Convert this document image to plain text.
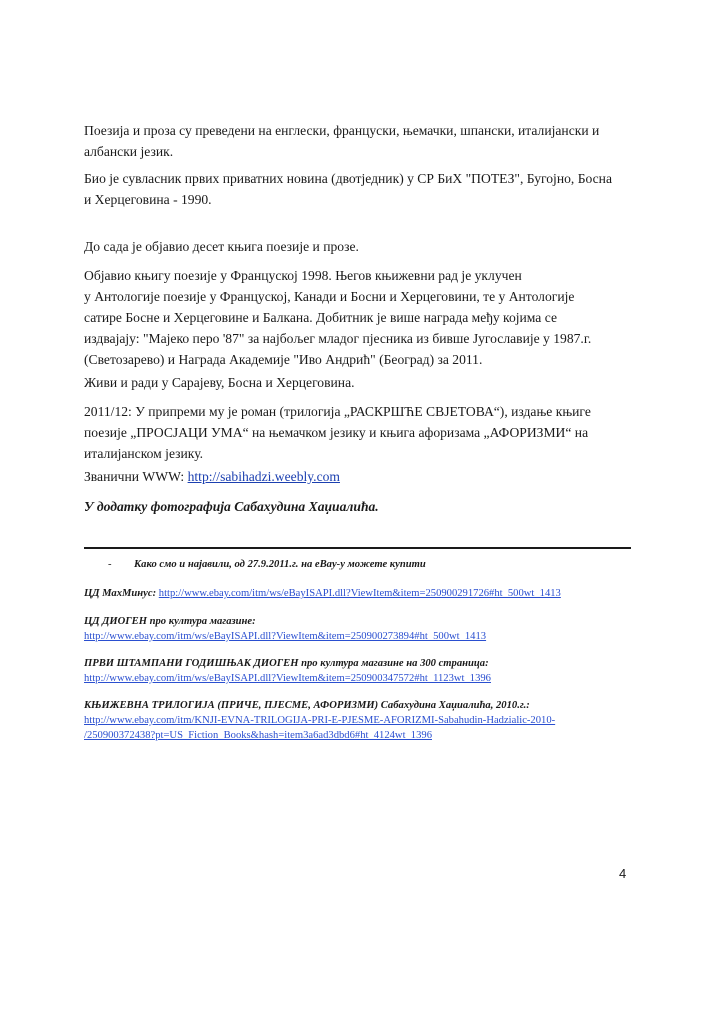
Поезија и проза су преведени на енглески, француски, њемачки, шпански, италијански и
албански језик.

Био је сувласник првих приватних новина (двотједник) у СР БиХ "ПОТЕЗ", Бугојно, Босна
и Херцеговина - 1990.

До сада је објавио десет књига поезије и прозе.

Објавио књигу поезије у Француској 1998. Његов књижевни рад је уклучен
у Антологије поезије у Француској, Канади и Босни и Херцеговини, те у Антологије
сатире Босне и Херцеговине и Балкана. Добитник је више награда међу којима се
издвајају: "Мајеко перо '87" за најбољег младог пјесника из бивше Југославије у 1987.г.
(Светозарево) и Награда Академије "Иво Андрић" (Београд) за 2011.

Живи и ради у Сарајеву, Босна и Херцеговина.

2011/12: У припреми му је роман (трилогија „РАСКРШЋЕ СВЈЕТОВА“), издање књиге
поезије „ПРОСЈАЦИ УМА“ на њемачком језику и књига афоризама „АФОРИЗМИ“ на
италијанском језику.

Званични WWW: http://sabihadzi.weebly.com

У додатку фотографија Сабахудина Хаџиалића.

- Како смо и најавили, од 27.9.2011.г. на еBay-у можете купити

ЦД МахМинус: http://www.ebay.com/itm/ws/eBayISAPI.dll?ViewItem&item=250900291726#ht_500wt_1413

ЦД ДИОГЕН про култура магазине:
http://www.ebay.com/itm/ws/eBayISAPI.dll?ViewItem&item=250900273894#ht_500wt_1413

ПРВИ ШТАМПАНИ ГОДИШЊАК ДИОГЕН про култура магазине на 300 страница:
http://www.ebay.com/itm/ws/eBayISAPI.dll?ViewItem&item=250900347572#ht_1123wt_1396

КЊИЖЕВНА ТРИЛОГИЈА (ПРИЧЕ, ПЈЕСМЕ, АФОРИЗМИ) Сабахудина Хаџиалића, 2010.г.:
http://www.ebay.com/itm/KNJI-EVNA-TRILOGIJA-PRI-E-PJESME-AFORIZMI-Sabahudin-Hadzialic-2010-
/250900372438?pt=US_Fiction_Books&hash=item3a6ad3dbd6#ht_4124wt_1396

4
